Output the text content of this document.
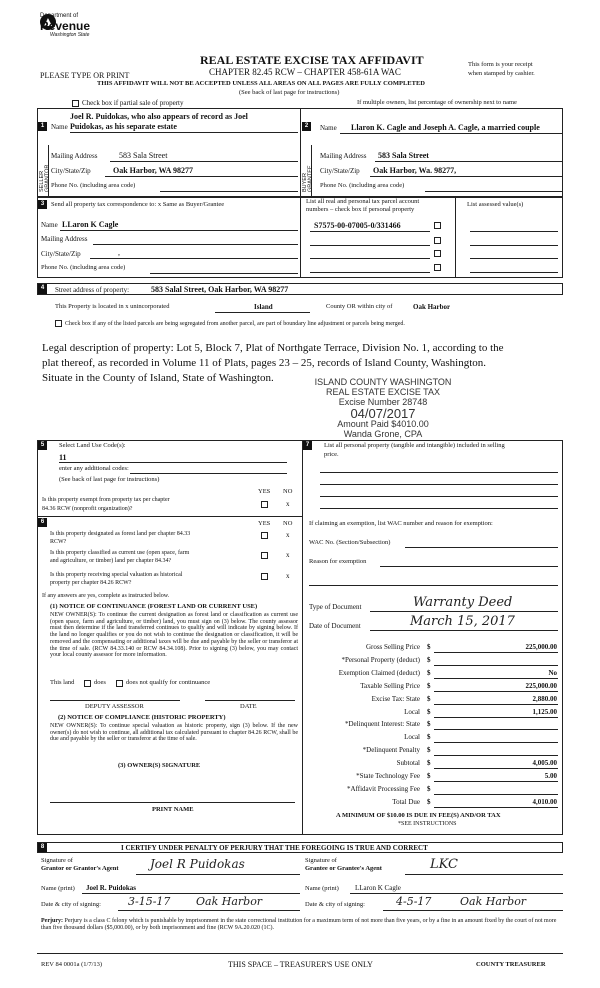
Department of
Revenue
Washington State
REAL ESTATE EXCISE TAX AFFIDAVIT
CHAPTER 82.45 RCW – CHAPTER 458-61A WAC
PLEASE TYPE OR PRINT
This form is your receipt
when stamped by cashier.
THIS AFFIDAVIT WILL NOT BE ACCEPTED UNLESS ALL AREAS ON ALL PAGES ARE FULLY COMPLETED
(See back of last page for instructions)
Check box if partial sale of property	If multiple owners, list percentage of ownership next to name
1
Joel R. Puidokas, who also appears of record as Joel
Name Puidokas, as his separate estate
SELLER GRANTOR
Mailing Address	583 Sala Street
City/State/Zip	Oak Harbor, WA 98277
Phone No. (including area code)
2	Name Llaron K. Cagle and Joseph A. Cagle, a married couple
BUYER GRANTEE
Mailing Address 583 Sala Street
City/State/Zip Oak Harbor, Wa. 98277,
Phone No. (including area code)
3	Send all property tax correspondence to: x Same as Buyer/Grantee	List all real and personal tax parcel account
numbers – check box if personal property
List assessed value(s)
Name LLaron K Cagle
Mailing Address
City/State/Zip	,
Phone No. (including area code)
S7575-00-07005-0/331466
4	Street address of property:	583 Salal Street, Oak Harbor, WA 98277
This Property is located in x unincorporated	Island	County OR within city of	Oak Harbor
Check box if any of the listed parcels are being segregated from another parcel, are part of boundary line adjustment or parcels being merged.
Legal description of property: Lot 5, Block 7, Plat of Northgate Terrace, Division No. 1, according to the
plat thereof, as recorded in Volume 11 of Plats, pages 23 – 25, records of Island County, Washington.
Situate in the County of Island, State of Washington.	ISLAND COUNTY WASHINGTON
REAL ESTATE EXCISE TAX
Excise Number 28748
04/07/2017
Amount Paid $4010.00
Wanda Grone, CPA
5	Select Land Use Code(s):
11
enter any additional codes:
(See back of last page for instructions)
YES NO
Is this property exempt from property tax per chapter
84.36 RCW (nonprofit organization)?
x
6	YES NO
Is this property designated as forest land per chapter 84.33
RCW?
x
Is this property classified as current use (open space, farm
and agriculture, or timber) land per chapter 84.34?
x
Is this property receiving special valuation as historical
property per chapter 84.26 RCW?
x
If any answers are yes, complete as instructed below.
(1) NOTICE OF CONTINUANCE (FOREST LAND OR CURRENT USE)
NEW OWNER(S): To continue the current designation as forest land or classification as current use (open space, farm and agriculture, or timber) land, you must sign on (3) below. The county assessor must then determine if the land transferred continues to qualify and will indicate by signing below. If the land no longer qualifies or you do not wish to continue the designation or classification, it will be removed and the compensating or additional taxes will be due and payable by the seller or transferor at the time of sale. (RCW 84.33.140 or RCW 84.34.108). Prior to signing (3) below, you may contact your local county assessor for more information.
This land	does	does not qualify for continuance
DEPUTY ASSESSOR	DATE
(2) NOTICE OF COMPLIANCE (HISTORIC PROPERTY)
NEW OWNER(S): To continue special valuation as historic property, sign (3) below. If the new owner(s) do not wish to continue, all additional tax calculated pursuant to chapter 84.26 RCW, shall be due and payable by the seller or transferor at the time of sale.
(3) OWNER(S) SIGNATURE
PRINT NAME
7	List all personal property (tangible and intangible) included in selling
price.
If claiming an exemption, list WAC number and reason for exemption:
WAC No. (Section/Subsection)
Reason for exemption
Type of Document	Warranty Deed
Date of Document	March 15, 2017
Gross Selling Price $	225,000.00
*Personal Property (deduct) $
Exemption Claimed (deduct) $	No
Taxable Selling Price $	225,000.00
Excise Tax: State $	2,880.00
Local $	1,125.00
*Delinquent Interest: State $
Local $
*Delinquent Penalty $
Subtotal $	4,005.00
*State Technology Fee $	5.00
*Affidavit Processing Fee $
Total Due $	4,010.00
A MINIMUM OF $10.00 IS DUE IN FEE(S) AND/OR TAX
*SEE INSTRUCTIONS
8	I CERTIFY UNDER PENALTY OF PERJURY THAT THE FOREGOING IS TRUE AND CORRECT
Signature of
Grantor or Grantor's Agent	Joel R Puidokas
Name (print) Joel R. Puidokas
Date & city of signing: 3-15-17 Oak Harbor
Signature of
Grantee or Grantee's Agent	LKC
Name (print) LLaron K Cagle
Date & city of signing:	4-5-17	Oak Harbor
Perjury: Perjury is a class C felony which is punishable by imprisonment in the state correctional institution for a maximum term of not more than five years, or by a fine in an amount fixed by the court of not more than five thousand dollars ($5,000.00), or by both imprisonment and fine (RCW 9A.20.020 (1C).
REV 84 0001a (1/7/13)	THIS SPACE – TREASURER'S USE ONLY	COUNTY TREASURER
